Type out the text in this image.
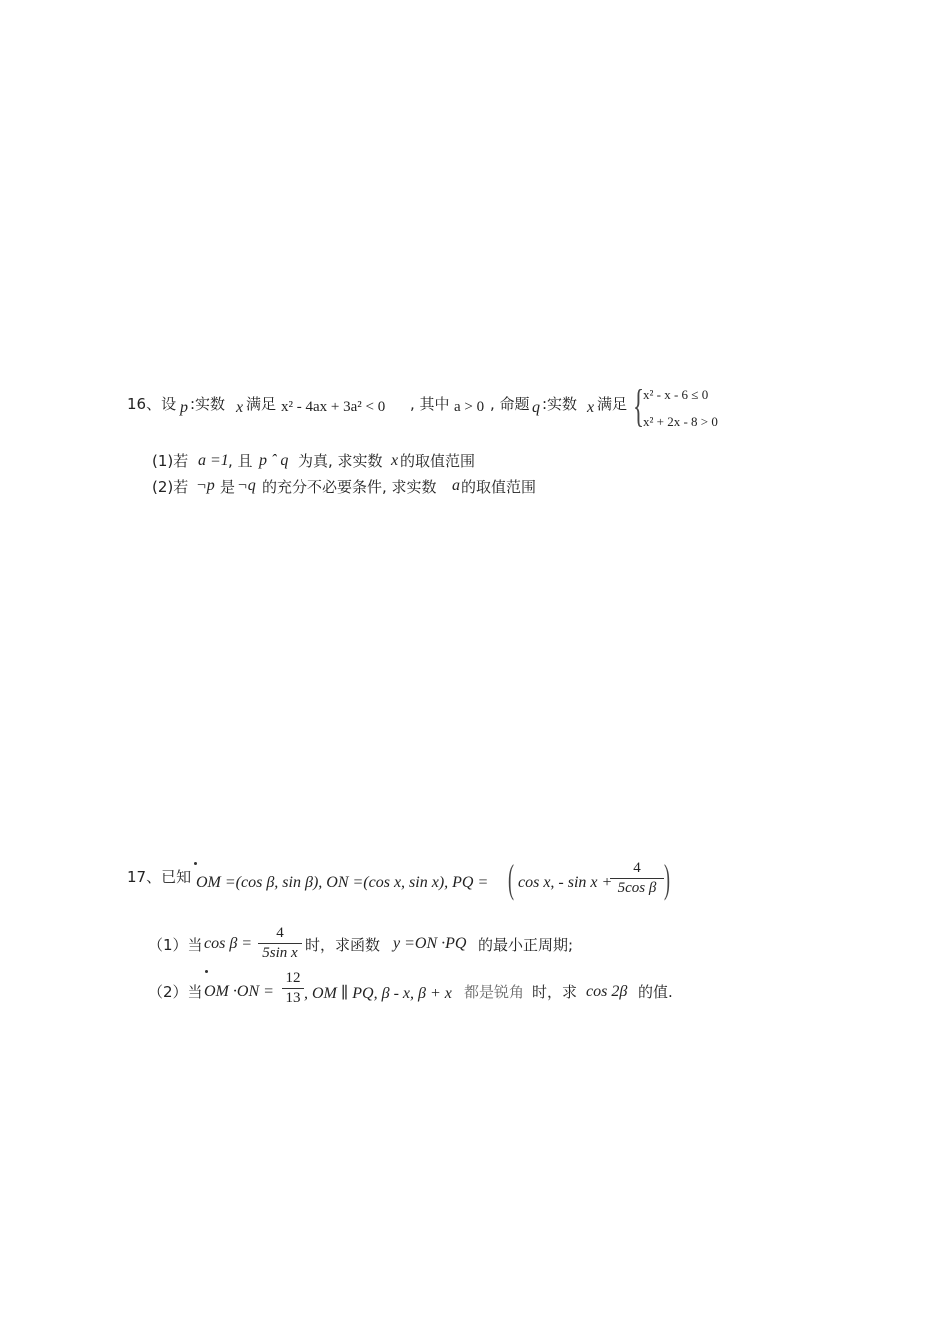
16、设 p :实数 x 满足 x² - 4ax + 3a² < 0 , 其中 a > 0 , 命题 q :实数 x 满足 {
x² - x - 6 ≤ 0
x² + 2x - 8 > 0
(1)若 a =1 , 且 p ˆ q 为真, 求实数 x 的取值范围
(2)若 ¬p 是 ¬q 的充分不必要条件, 求实数 a 的取值范围
17、已知 OM =(cos β, sin β), ON =(cos x, sin x), PQ = ( cos x, - sin x +
$\frac{4}{\text{5cos β}}$ )
（1）当 $\cos \beta = \frac{4}{\text{5sin x}}$ 时，求函数 y =ON ·PQ 的最小正周期;
（2）当 OM $\cdot ON = \frac{12}{13}$ , OM ∥ PQ, β - x, β + x 都是锐角 时，求 cos 2β 的值.
